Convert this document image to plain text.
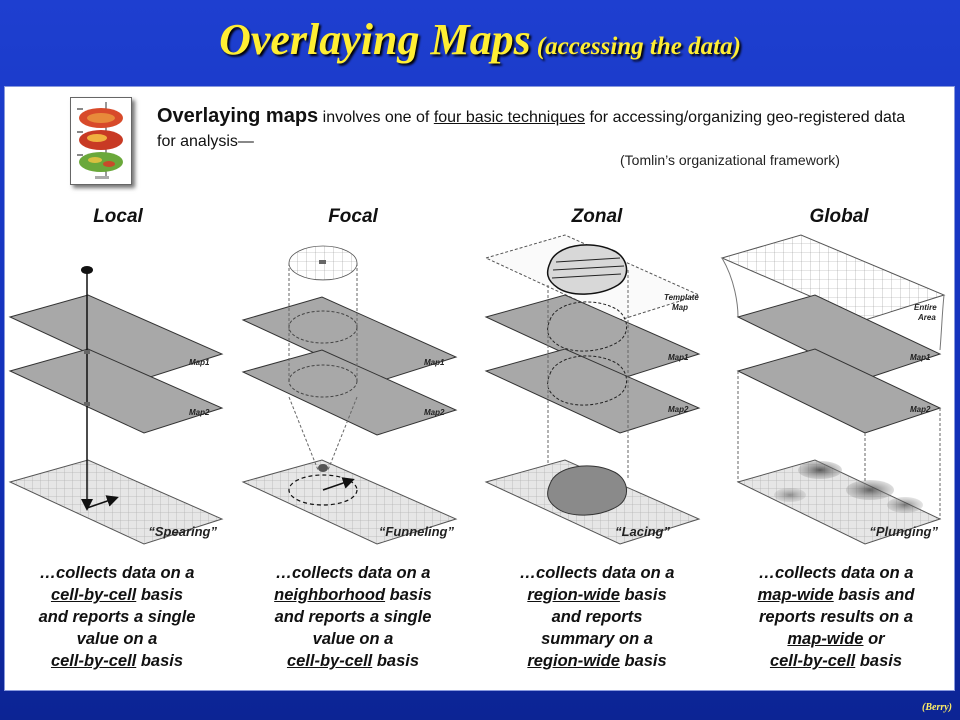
Overlaying Maps (accessing the data)
Overlaying maps involves one of four basic techniques for accessing/organizing geo-registered data for analysis—
(Tomlin’s organizational framework)
Local	Focal	Zonal	Global
Map1
Map2
Map1
Map2
Template
Map
Map1
Map2
Entire
Area
Map1
Map2
“Spearing”	“Funneling”	“Lacing”	“Plunging”
…collects data on a
cell-by-cell basis
and reports a single
value on a
cell-by-cell basis
…collects data on a
neighborhood basis
and reports a single
value on a
cell-by-cell basis
…collects data on a
region-wide basis
and reports
summary on a
region-wide basis
…collects data on a
map-wide basis and
reports results on a
map-wide or
cell-by-cell basis
(Berry)
